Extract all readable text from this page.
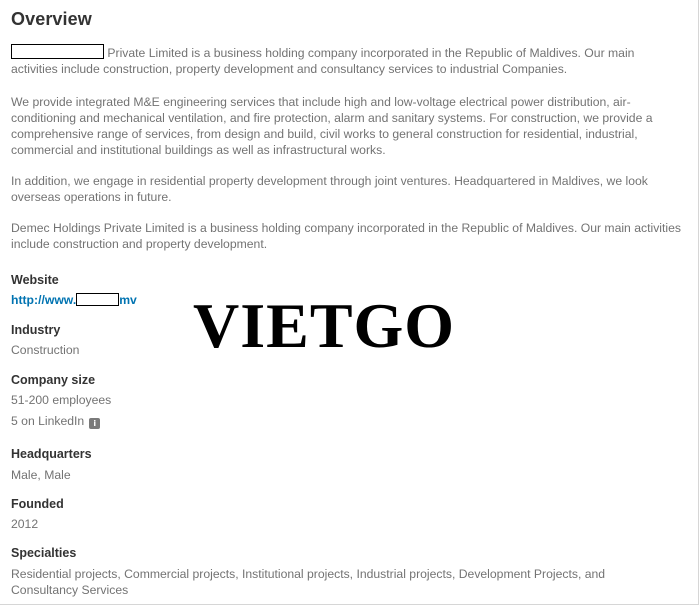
Overview

Private Limited is a business holding company incorporated in the Republic of Maldives. Our main activities include construction, property development and consultancy services to industrial Companies.

We provide integrated M&E engineering services that include high and low-voltage electrical power distribution, air-conditioning and mechanical ventilation, and fire protection, alarm and sanitary systems. For construction, we provide a comprehensive range of services, from design and build, civil works to general construction for residential, industrial, commercial and institutional buildings as well as infrastructural works.

In addition, we engage in residential property development through joint ventures. Headquartered in Maldives, we look overseas operations in future.

Demec Holdings Private Limited is a business holding company incorporated in the Republic of Maldives. Our main activities include construction and property development.

Website
http://www.	mv
Industry
Construction
Company size
51-200 employees
5 on LinkedIn i
Headquarters
Male, Male
Founded
2012
Specialties
Residential projects, Commercial projects, Institutional projects, Industrial projects, Development Projects, and Consultancy Services
VIETGO
